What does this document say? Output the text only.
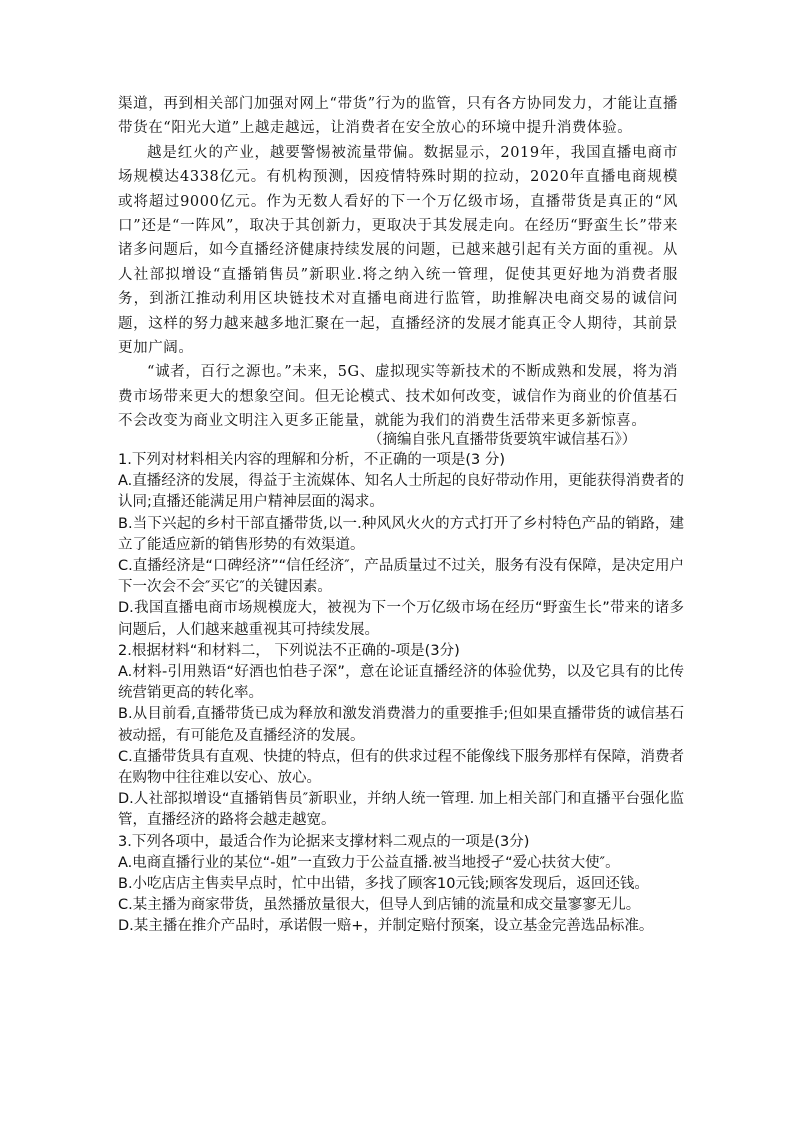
渠道，再到相关部门加强对网上“带货”行为的监管，只有各方协同发力，才能让直播带货在“阳光大道”上越走越远，让消费者在安全放心的环境中提升消费体验。

越是红火的产业，越要警惕被流量带偏。数据显示，2019年，我国直播电商市场规模达4338亿元。有机构预测，因疫情特殊时期的拉动，2020年直播电商规模或将超过9000亿元。作为无数人看好的下一个万亿级市场，直播带货是真正的“风口”还是“一阵风”，取决于其创新力，更取决于其发展走向。在经历“野蛮生长”带来诸多问题后，如今直播经济健康持续发展的问题，已越来越引起有关方面的重视。从人社部拟增设“直播销售员”新职业.将之纳入统一管理，促使其更好地为消费者服务，到浙江推动利用区块链技术对直播电商进行监管，助推解决电商交易的诚信问题，这样的努力越来越多地汇聚在一起，直播经济的发展才能真正令人期待，其前景更加广阔。

“诚者，百行之源也。”未来，5G、虚拟现实等新技术的不断成熟和发展，将为消费市场带来更大的想象空间。但无论模式、技术如何改变，诚信作为商业的价值基石不会改变为商业文明注入更多正能量，就能为我们的消费生活带来更多新惊喜。

（摘编自张凡直播带货要筑牢诚信基石》）

1.下列对材料相关内容的理解和分析，不正确的一项是(3 分)

A.直播经济的发展，得益于主流媒体、知名人士所起的良好带动作用，更能获得消费者的认同;直播还能满足用户精神层面的渴求。

B.当下兴起的乡村干部直播带货,以一.种风风火火的方式打开了乡村特色产品的销路，建立了能适应新的销售形势的有效渠道。

C.直播经济是“口碑经济”“信任经济″，产品质量过不过关，服务有没有保障，是决定用户下一次会不会″买它″的关键因素。

D.我国直播电商市场规模庞大，被视为下一个万亿级市场在经历“野蛮生长”带来的诸多问题后，人们越来越重视其可持续发展。

2.根据材料“和材料二， 下列说法不正确的-项是(3分)

A.材料-引用熟语“好酒也怕巷子深”，意在论证直播经济的体验优势，以及它具有的比传统营销更高的转化率。

B.从目前看,直播带货已成为释放和激发消费潜力的重要推手;但如果直播带货的诚信基石被动摇，有可能危及直播经济的发展。

C.直播带货具有直观、快捷的特点，但有的供求过程不能像线下服务那样有保障，消费者在购物中往往难以安心、放心。

D.人社部拟增设“直播销售员″新职业，并纳人统一管理. 加上相关部门和直播平台强化监管，直播经济的路将会越走越宽。

3.下列各项中，最适合作为论据来支撑材料二观点的一项是(3分)

A.电商直播行业的某位“-姐”一直致力于公益直播.被当地授孑“爱心扶贫大使″。

B.小吃店店主售卖早点时，忙中出错，多找了顾客10元钱;顾客发现后，返回还钱。

C.某主播为商家带货，虽然播放量很大，但导人到店铺的流量和成交量寥寥无儿。

D.某主播在推介产品时，承诺假一赔+，并制定赔付预案，设立基金完善选品标准。
